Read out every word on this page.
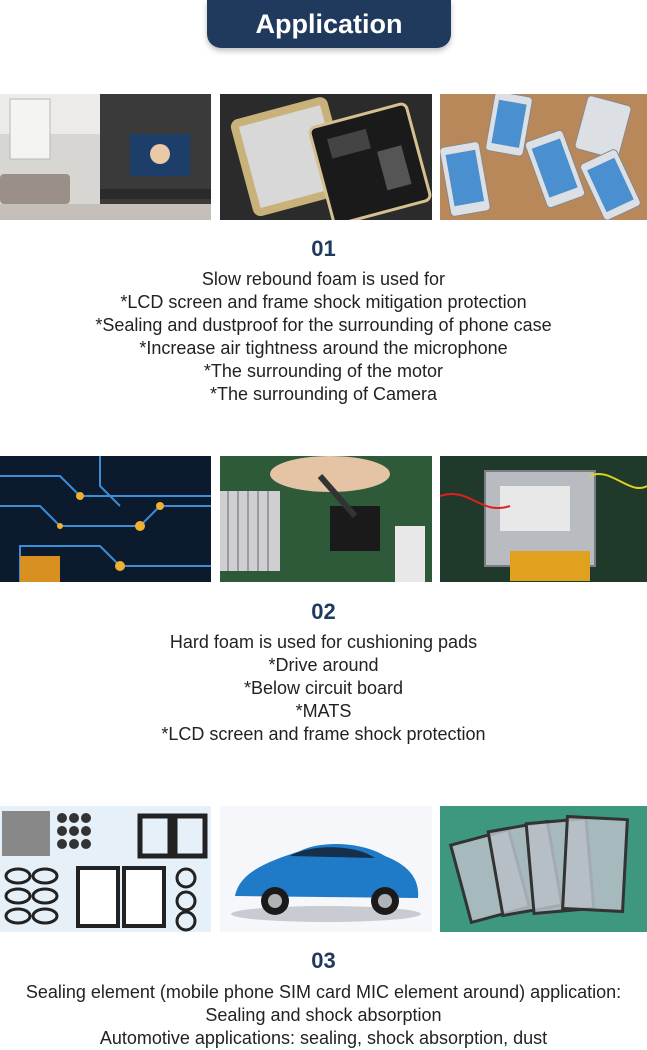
Application
01
Slow rebound foam is used for
*LCD screen and frame shock mitigation protection
*Sealing and dustproof for the surrounding of phone case
*Increase air tightness around the microphone
*The surrounding of the motor
*The surrounding of Camera
02
Hard foam is used for cushioning pads
*Drive around
*Below circuit board
*MATS
*LCD screen and frame shock protection
03
Sealing element (mobile phone SIM card MIC element around) application:
Sealing and shock absorption
Automotive applications: sealing, shock absorption, dust
